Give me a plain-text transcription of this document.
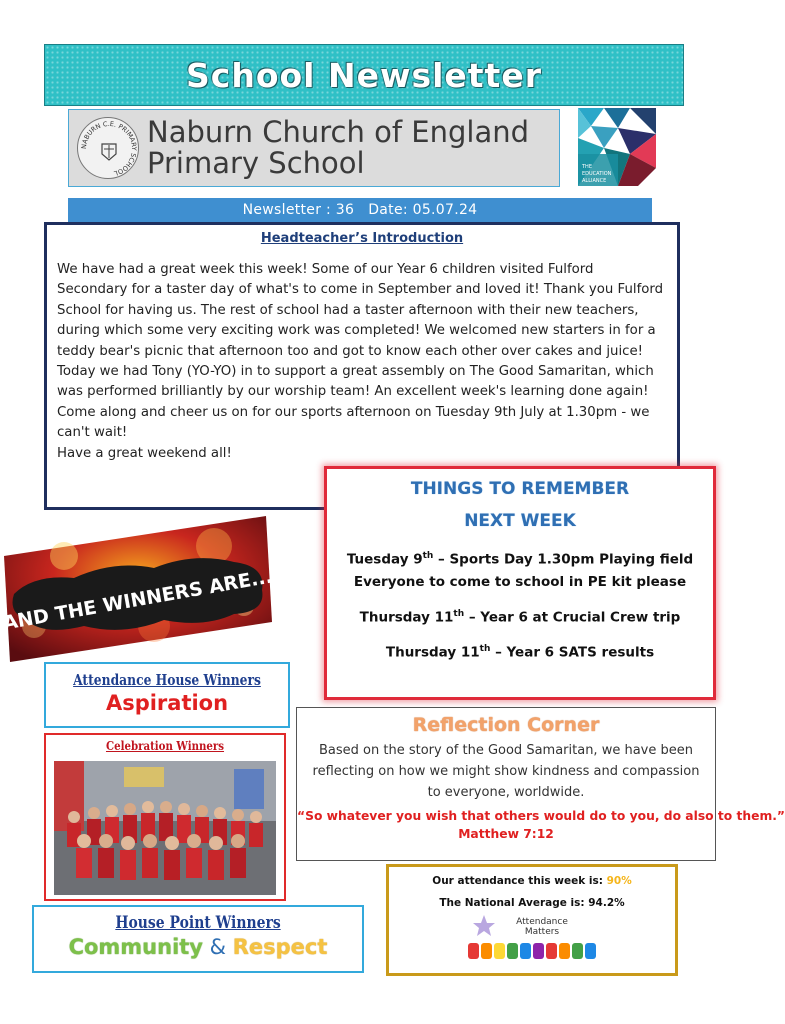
School Newsletter
NABURN C.E. PRIMARY SCHOOL
Naburn Church of England
Primary School	THE
EDUCATION
ALLIANCE
Newsletter : 36 Date: 05.07.24
Headteacher’s Introduction

We have had a great week this week! Some of our Year 6 children visited Fulford Secondary for a taster day of what's to come in September and loved it! Thank you Fulford School for having us. The rest of school had a taster afternoon with their new teachers, during which some very exciting work was completed! We welcomed new starters in for a teddy bear's picnic that afternoon too and got to know each other over cakes and juice! Today we had Tony (YO-YO) in to support a great assembly on The Good Samaritan, which was performed brilliantly by our worship team! An excellent week's learning done again!

Come along and cheer us on for our sports afternoon on Tuesday 9th July at 1.30pm - we can't wait!

Have a great weekend all!

THINGS TO REMEMBER
NEXT WEEK
Tuesday 9th – Sports Day 1.30pm Playing field
Everyone to come to school in PE kit please
Thursday 11th – Year 6 at Crucial Crew trip
Thursday 11th – Year 6 SATS results
AND THE WINNERS ARE...
Attendance House Winners
Aspiration
Celebration Winners
Reflection Corner
Based on the story of the Good Samaritan, we have been reflecting on how we might show kindness and compassion to everyone, worldwide.
“So whatever you wish that others would do to you, do also to them.”
Matthew 7:12
Our attendance this week is: 90%
The National Average is: 94.2%
Attendance
Matters
House Point Winners
Community & Respect
